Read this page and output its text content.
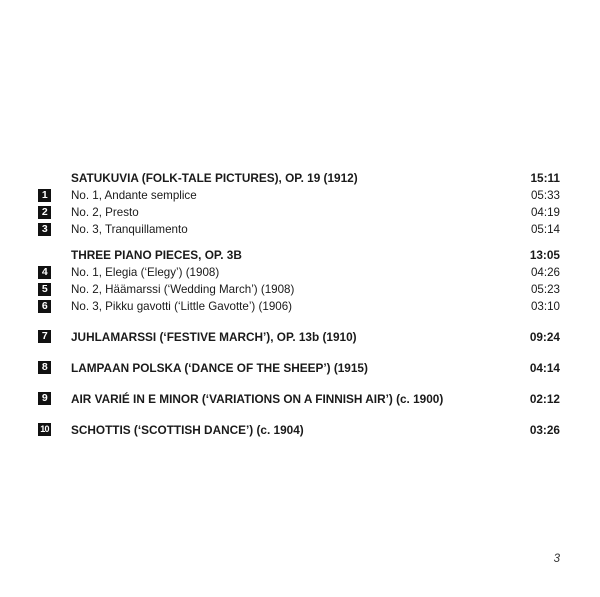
SATUKUVIA (FOLK-TALE PICTURES), OP. 19 (1912)	15:11
1	No. 1, Andante semplice	05:33
2	No. 2, Presto	04:19
3	No. 3, Tranquillamento	05:14
THREE PIANO PIECES, OP. 3B	13:05
4	No. 1, Elegia (‘Elegy’) (1908)	04:26
5	No. 2, Häämarssi (‘Wedding March’) (1908)	05:23
6	No. 3, Pikku gavotti (‘Little Gavotte’) (1906)	03:10
7	JUHLAMARSSI (‘FESTIVE MARCH’), OP. 13b (1910)	09:24
8	LAMPAAN POLSKA (‘DANCE OF THE SHEEP’) (1915)	04:14
9	AIR VARIÉ IN E MINOR (‘VARIATIONS ON A FINNISH AIR’) (c. 1900)	02:12
10 SCHOTTIS (‘SCOTTISH DANCE’) (c. 1904)	03:26
3
